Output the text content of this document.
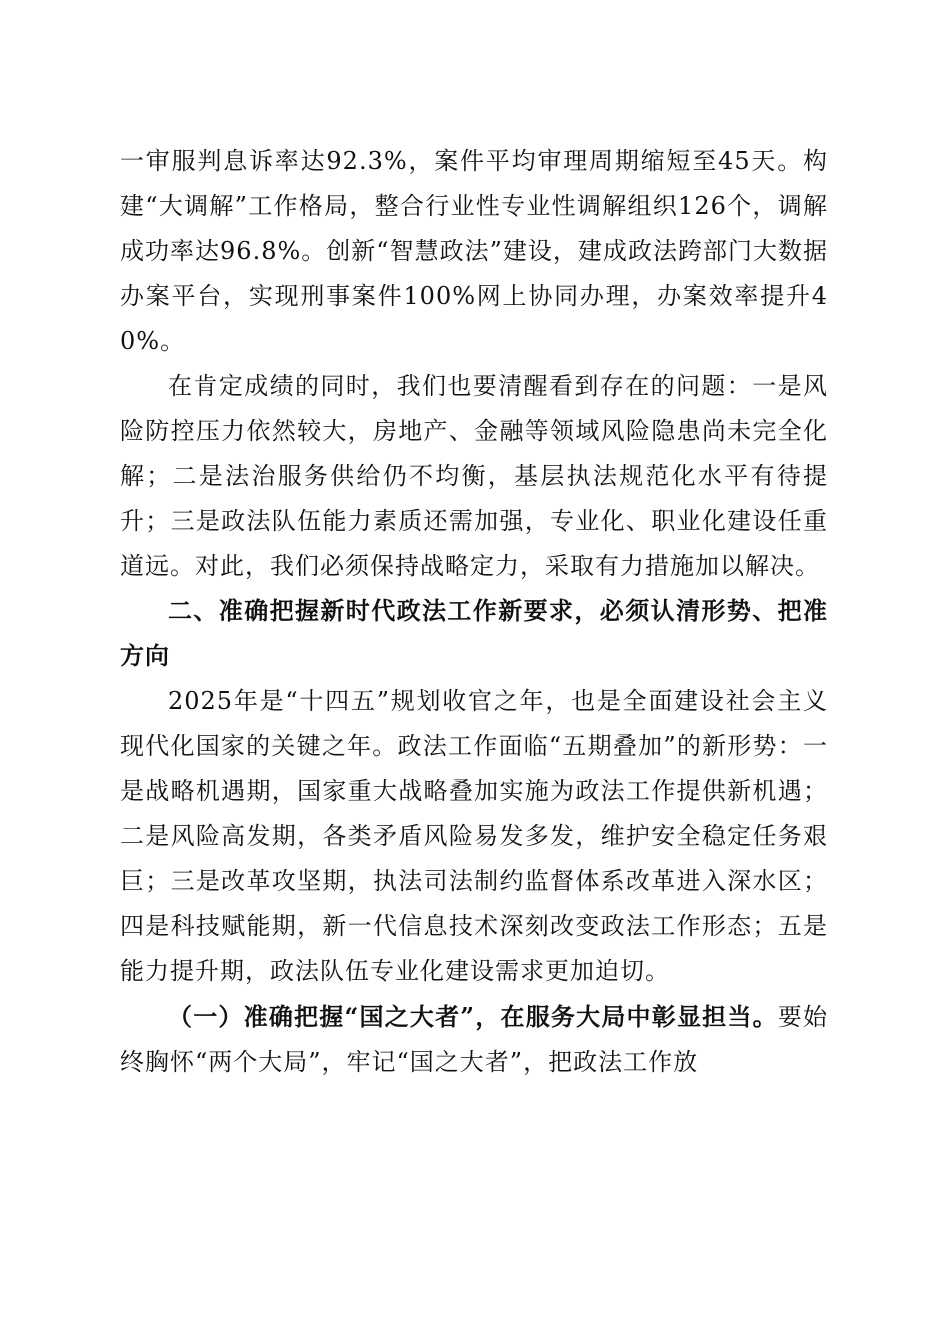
一审服判息诉率达92.3%，案件平均审理周期缩短至45天。构建“大调解”工作格局，整合行业性专业性调解组织126个，调解成功率达96.8%。创新“智慧政法”建设，建成政法跨部门大数据办案平台，实现刑事案件100%网上协同办理，办案效率提升40%。

在肯定成绩的同时，我们也要清醒看到存在的问题：一是风险防控压力依然较大，房地产、金融等领域风险隐患尚未完全化解；二是法治服务供给仍不均衡，基层执法规范化水平有待提升；三是政法队伍能力素质还需加强，专业化、职业化建设任重道远。对此，我们必须保持战略定力，采取有力措施加以解决。

二、准确把握新时代政法工作新要求，必须认清形势、把准方向

2025年是“十四五”规划收官之年，也是全面建设社会主义现代化国家的关键之年。政法工作面临“五期叠加”的新形势：一是战略机遇期，国家重大战略叠加实施为政法工作提供新机遇；二是风险高发期，各类矛盾风险易发多发，维护安全稳定任务艰巨；三是改革攻坚期，执法司法制约监督体系改革进入深水区；四是科技赋能期，新一代信息技术深刻改变政法工作形态；五是能力提升期，政法队伍专业化建设需求更加迫切。

（一）准确把握“国之大者”，在服务大局中彰显担当。要始终胸怀“两个大局”，牢记“国之大者”，把政法工作放
